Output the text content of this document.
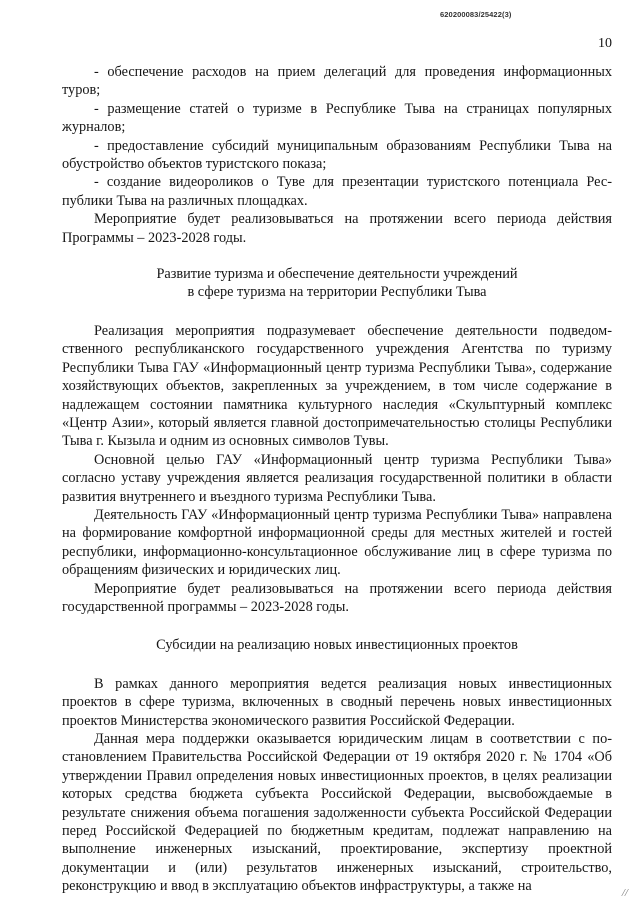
620200083/25422(3)
10

- обеспечение расходов на прием делегаций для проведения информационных туров;

- размещение статей о туризме в Республике Тыва на страницах популярных журналов;

- предоставление субсидий муниципальным образованиям Республики Тыва на обустройство объектов туристского показа;

- создание видеороликов о Туве для презентации туристского потенциала Республики Тыва на различных площадках.

Мероприятие будет реализовываться на протяжении всего периода действия Программы – 2023-2028 годы.

Развитие туризма и обеспечение деятельности учреждений
в сфере туризма на территории Республики Тыва

Реализация мероприятия подразумевает обеспечение деятельности подведомственного республиканского государственного учреждения Агентства по туризму Республики Тыва ГАУ «Информационный центр туризма Республики Тыва», содержание хозяйствующих объектов, закрепленных за учреждением, в том числе содержание в надлежащем состоянии памятника культурного наследия «Скульптурный комплекс «Центр Азии», который является главной достопримечательностью столицы Республики Тыва г. Кызыла и одним из основных символов Тувы.

Основной целью ГАУ «Информационный центр туризма Республики Тыва» согласно уставу учреждения является реализация государственной политики в области развития внутреннего и въездного туризма Республики Тыва.

Деятельность ГАУ «Информационный центр туризма Республики Тыва» направлена на формирование комфортной информационной среды для местных жителей и гостей республики, информационно-консультационное обслуживание лиц в сфере туризма по обращениям физических и юридических лиц.

Мероприятие будет реализовываться на протяжении всего периода действия государственной программы – 2023-2028 годы.

Субсидии на реализацию новых инвестиционных проектов

В рамках данного мероприятия ведется реализация новых инвестиционных проектов в сфере туризма, включенных в сводный перечень новых инвестиционных проектов Министерства экономического развития Российской Федерации.

Данная мера поддержки оказывается юридическим лицам в соответствии с постановлением Правительства Российской Федерации от 19 октября 2020 г. № 1704 «Об утверждении Правил определения новых инвестиционных проектов, в целях реализации которых средства бюджета субъекта Российской Федерации, высвобождаемые в результате снижения объема погашения задолженности субъекта Российской Федерации перед Российской Федерацией по бюджетным кредитам, подлежат направлению на выполнение инженерных изысканий, проектирование, экспертизу проектной документации и (или) результатов инженерных изысканий, строительство, реконструкцию и ввод в эксплуатацию объектов инфраструктуры, а также на	//
